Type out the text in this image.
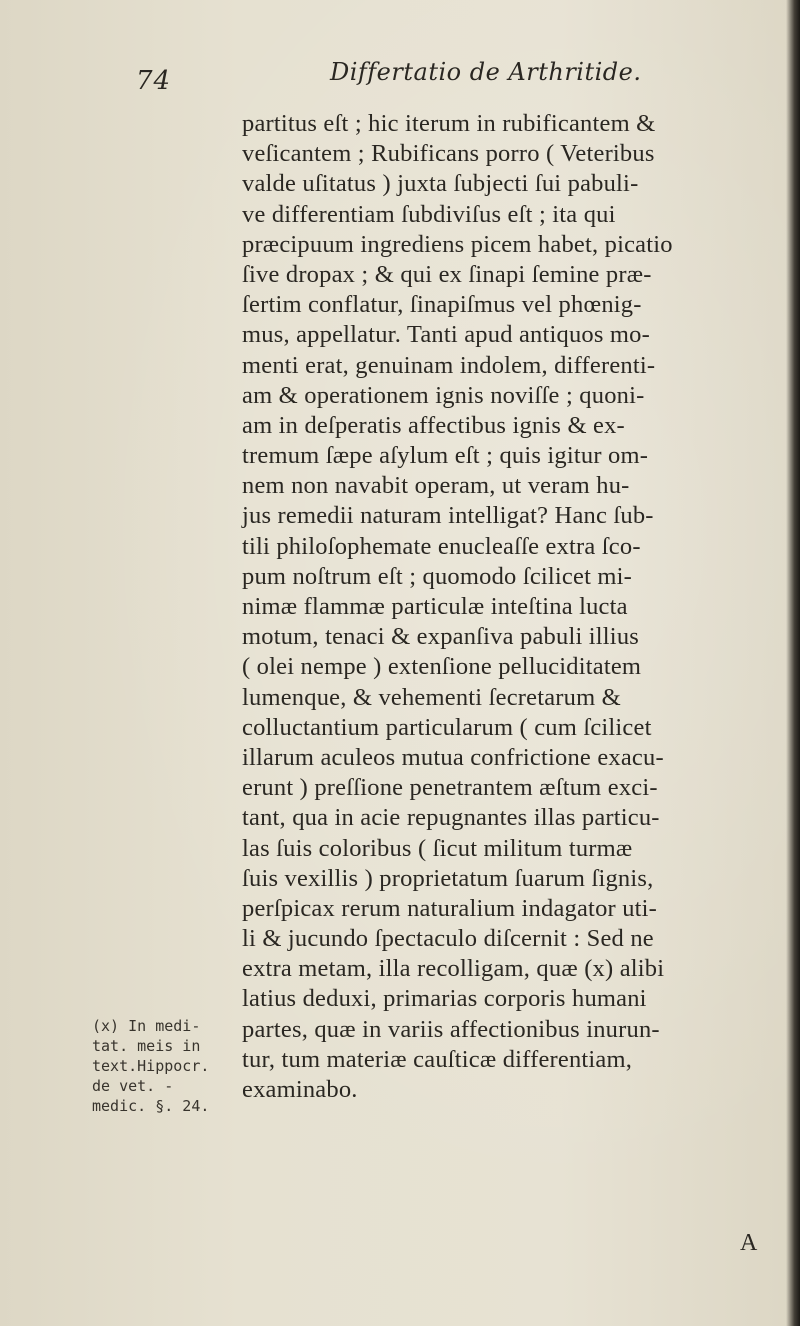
74	Differtatio de Arthritide.
partitus eſt ; hic iterum in rubificantem &
veſicantem ; Rubificans porro ( Veteribus
valde uſitatus ) juxta ſubjecti ſui pabuli-
ve differentiam ſubdiviſus eſt ; ita qui
præcipuum ingrediens picem habet, picatio
ſive dropax ; & qui ex ſinapi ſemine præ-
ſertim conflatur, ſinapiſmus vel phœnig-
mus, appellatur. Tanti apud antiquos mo-
menti erat, genuinam indolem, differenti-
am & operationem ignis noviſſe ; quoni-
am in deſperatis affectibus ignis & ex-
tremum ſæpe aſylum eſt ; quis igitur om-
nem non navabit operam, ut veram hu-
jus remedii naturam intelligat? Hanc ſub-
tili philoſophemate enucleaſſe extra ſco-
pum noſtrum eſt ; quomodo ſcilicet mi-
nimæ flammæ particulæ inteſtina lucta
motum, tenaci & expanſiva pabuli illius
( olei nempe ) extenſione pelluciditatem
lumenque, & vehementi ſecretarum &
colluctantium particularum ( cum ſcilicet
illarum aculeos mutua confrictione exacu-
erunt ) preſſione penetrantem æſtum exci-
tant, qua in acie repugnantes illas particu-
las ſuis coloribus ( ſicut militum turmæ
ſuis vexillis ) proprietatum ſuarum ſignis,
perſpicax rerum naturalium indagator uti-
li & jucundo ſpectaculo diſcernit : Sed ne
extra metam, illa recolligam, quæ (x) alibi
latius deduxi, primarias corporis humani
partes, quæ in variis affectionibus inurun-
tur, tum materiæ cauſticæ differentiam,
examinabo.
(x) In medi-
tat. meis in
text.Hippocr.
de vet. -
medic. §. 24.
A
